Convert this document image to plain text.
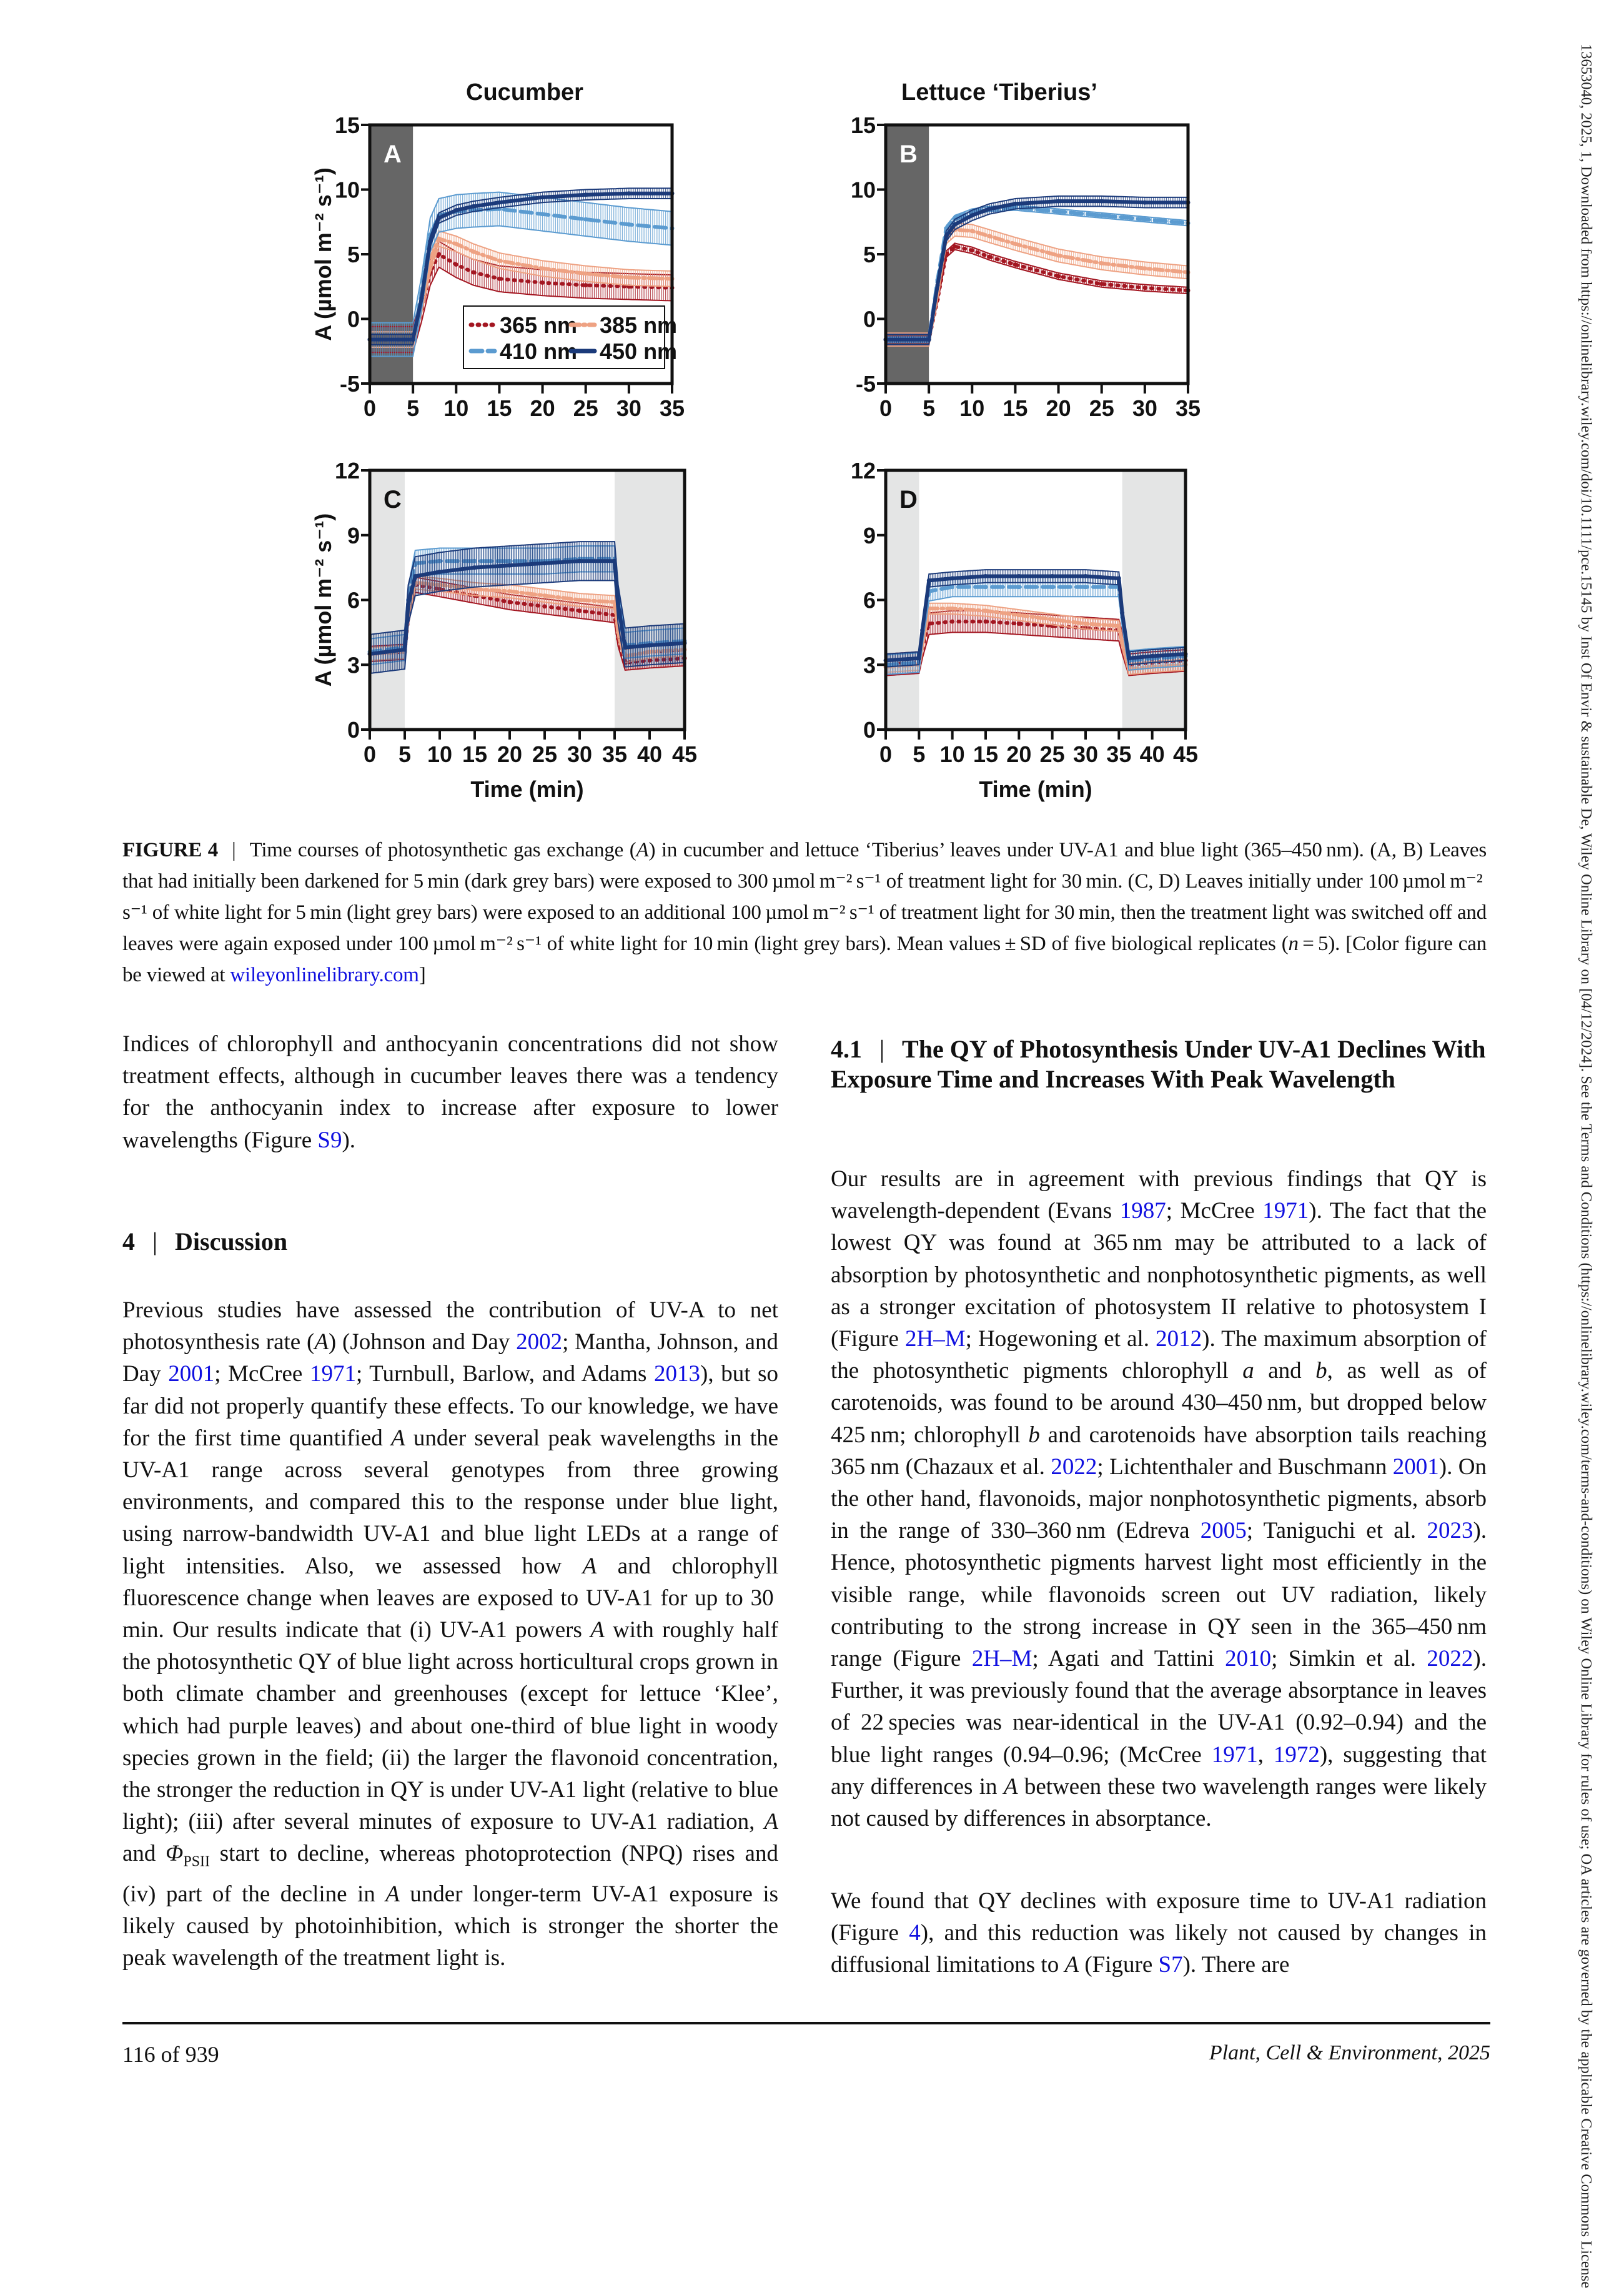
13653040, 2025, 1, Downloaded from https://onlinelibrary.wiley.com/doi/10.1111/pce.15145 by Inst Of Envir & sustainable De, Wiley Online Library on [04/12/2024]. See the Terms and Conditions (https://onlinelibrary.wiley.com/terms-and-conditions) on Wiley Online Library for rules of use; OA articles are governed by the applicable Creative Commons License
Cucumber
-5
0
5
10
15
0 5 10 15 20 25 30 35
A
A (µmol m⁻² s⁻¹)	365 nm 385 nm
410 nm 450 nm
Lettuce ‘Tiberius’
-5
0
5
10
15
0 5 10 15 20 25 30 35
B
0
3
6
9
12
0 5 10 15 20 25 30 35 40 45
C
A (µmol m⁻² s⁻¹)
Time (min)
0
3
6
9
12
0 5 10 15 20 25 30 35 40 45
D
Time (min)
FIGURE 4 | Time courses of photosynthetic gas exchange (A) in cucumber and lettuce ‘Tiberius’ leaves under UV-A1 and blue light (365–450 nm). (A, B) Leaves that had initially been darkened for 5 min (dark grey bars) were exposed to 300 µmol m⁻² s⁻¹ of treatment light for 30 min. (C, D) Leaves initially under 100 µmol m⁻² s⁻¹ of white light for 5 min (light grey bars) were exposed to an additional 100 µmol m⁻² s⁻¹ of treatment light for 30 min, then the treatment light was switched off and leaves were again exposed under 100 µmol m⁻² s⁻¹ of white light for 10 min (light grey bars). Mean values ± SD of five biological replicates (n = 5). [Color figure can be viewed at wileyonlinelibrary.com]

Indices of chlorophyll and anthocyanin concentrations did not show treatment effects, although in cucumber leaves there was a tendency for the anthocyanin index to increase after exposure to lower wavelengths (Figure S9).

4 | Discussion

Previous studies have assessed the contribution of UV-A to net photosynthesis rate (A) (Johnson and Day 2002; Mantha, Johnson, and Day 2001; McCree 1971; Turnbull, Barlow, and Adams 2013), but so far did not properly quantify these effects. To our knowledge, we have for the first time quantified A under several peak wavelengths in the UV-A1 range across several genotypes from three growing environments, and compared this to the response under blue light, using narrow-bandwidth UV-A1 and blue light LEDs at a range of light intensities. Also, we assessed how A and chlorophyll fluorescence change when leaves are exposed to UV-A1 for up to 30 min. Our results indicate that (i) UV-A1 powers A with roughly half the photosynthetic QY of blue light across horticultural crops grown in both climate chamber and greenhouses (except for lettuce ‘Klee’, which had purple leaves) and about one-third of blue light in woody species grown in the field; (ii) the larger the flavonoid concentration, the stronger the reduction in QY is under UV-A1 light (relative to blue light); (iii) after several minutes of exposure to UV-A1 radiation, A and $\Phi_{PSII}$ start to decline, whereas photoprotection (NPQ) rises and (iv) part of the decline in A under longer-term UV-A1 exposure is likely caused by photoinhibition, which is stronger the shorter the peak wavelength of the treatment light is.

4.1 | The QY of Photosynthesis Under UV-A1 Declines With Exposure Time and Increases With Peak Wavelength

Our results are in agreement with previous findings that QY is wavelength-dependent (Evans 1987; McCree 1971). The fact that the lowest QY was found at 365 nm may be attributed to a lack of absorption by photosynthetic and nonphotosynthetic pigments, as well as a stronger excitation of photosystem II relative to photosystem I (Figure 2H–M; Hogewoning et al. 2012). The maximum absorption of the photosynthetic pigments chlorophyll a and b, as well as of carotenoids, was found to be around 430–450 nm, but dropped below 425 nm; chlorophyll b and carotenoids have absorption tails reaching 365 nm (Chazaux et al. 2022; Lichtenthaler and Buschmann 2001). On the other hand, flavonoids, major nonphotosynthetic pigments, absorb in the range of 330–360 nm (Edreva 2005; Taniguchi et al. 2023). Hence, photosynthetic pigments harvest light most efficiently in the visible range, while flavonoids screen out UV radiation, likely contributing to the strong increase in QY seen in the 365–450 nm range (Figure 2H–M; Agati and Tattini 2010; Simkin et al. 2022). Further, it was previously found that the average absorptance in leaves of 22 species was near-identical in the UV-A1 (0.92–0.94) and the blue light ranges (0.94–0.96; (McCree 1971, 1972), suggesting that any differences in A between these two wavelength ranges were likely not caused by differences in absorptance.

We found that QY declines with exposure time to UV-A1 radiation (Figure 4), and this reduction was likely not caused by changes in diffusional limitations to A (Figure S7). There are

116 of 939	Plant, Cell & Environment, 2025
